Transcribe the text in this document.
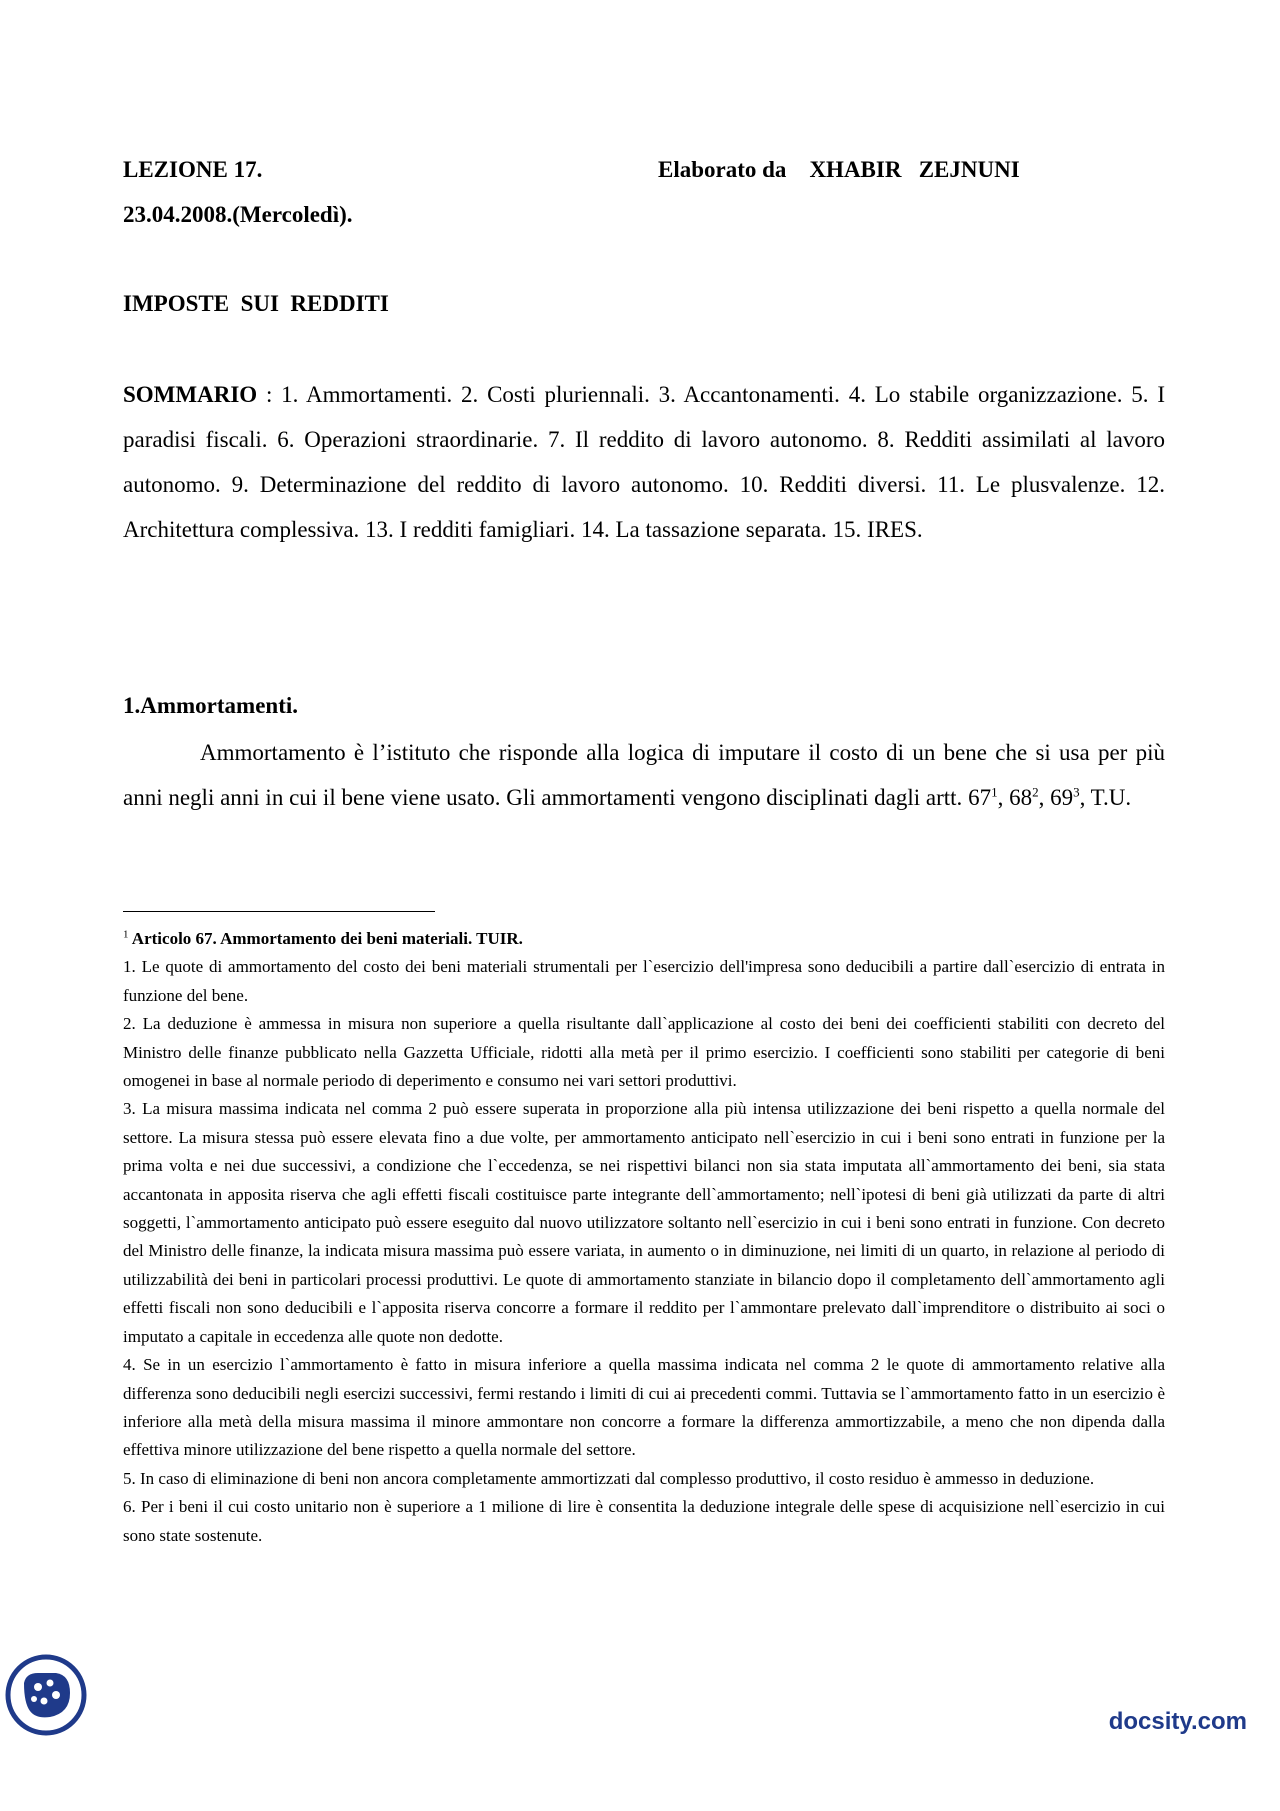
LEZIONE 17.	Elaborato da XHABIR   ZEJNUNI
23.04.2008.(Mercoledì).
IMPOSTE  SUI  REDDITI
SOMMARIO : 1. Ammortamenti. 2. Costi pluriennali. 3. Accantonamenti. 4. Lo stabile organizzazione. 5. I paradisi fiscali. 6. Operazioni straordinarie. 7. Il reddito di lavoro autonomo. 8. Redditi assimilati al lavoro autonomo. 9. Determinazione del reddito di lavoro autonomo. 10. Redditi diversi. 11. Le plusvalenze. 12. Architettura complessiva. 13. I redditi famigliari. 14. La tassazione separata. 15. IRES.
1.Ammortamenti.
Ammortamento è l’istituto che risponde alla logica di imputare il costo di un bene che si usa per più anni negli anni in cui il bene viene usato. Gli ammortamenti vengono disciplinati dagli artt. $67^1$, $68^2$, $69^3$, T.U.

$^1$ Articolo 67. Ammortamento dei beni materiali. TUIR.

1. Le quote di ammortamento del costo dei beni materiali strumentali per l`esercizio dell'impresa sono deducibili a partire dall`esercizio di entrata in funzione del bene.

2. La deduzione è ammessa in misura non superiore a quella risultante dall`applicazione al costo dei beni dei coefficienti stabiliti con decreto del Ministro delle finanze pubblicato nella Gazzetta Ufficiale, ridotti alla metà per il primo esercizio. I coefficienti sono stabiliti per categorie di beni omogenei in base al normale periodo di deperimento e consumo nei vari settori produttivi.

3. La misura massima indicata nel comma 2 può essere superata in proporzione alla più intensa utilizzazione dei beni rispetto a quella normale del settore. La misura stessa può essere elevata fino a due volte, per ammortamento anticipato nell`esercizio in cui i beni sono entrati in funzione per la prima volta e nei due successivi, a condizione che l`eccedenza, se nei rispettivi bilanci non sia stata imputata all`ammortamento dei beni, sia stata accantonata in apposita riserva che agli effetti fiscali costituisce parte integrante dell`ammortamento; nell`ipotesi di beni già utilizzati da parte di altri soggetti, l`ammortamento anticipato può essere eseguito dal nuovo utilizzatore soltanto nell`esercizio in cui i beni sono entrati in funzione. Con decreto del Ministro delle finanze, la indicata misura massima può essere variata, in aumento o in diminuzione, nei limiti di un quarto, in relazione al periodo di utilizzabilità dei beni in particolari processi produttivi. Le quote di ammortamento stanziate in bilancio dopo il completamento dell`ammortamento agli effetti fiscali non sono deducibili e l`apposita riserva concorre a formare il reddito per l`ammontare prelevato dall`imprenditore o distribuito ai soci o imputato a capitale in eccedenza alle quote non dedotte.

4. Se in un esercizio l`ammortamento è fatto in misura inferiore a quella massima indicata nel comma 2 le quote di ammortamento relative alla differenza sono deducibili negli esercizi successivi, fermi restando i limiti di cui ai precedenti commi. Tuttavia se l`ammortamento fatto in un esercizio è inferiore alla metà della misura massima il minore ammontare non concorre a formare la differenza ammortizzabile, a meno che non dipenda dalla effettiva minore utilizzazione del bene rispetto a quella normale del settore.

5. In caso di eliminazione di beni non ancora completamente ammortizzati dal complesso produttivo, il costo residuo è ammesso in deduzione.

6. Per i beni il cui costo unitario non è superiore a 1 milione di lire è consentita la deduzione integrale delle spese di acquisizione nell`esercizio in cui sono state sostenute.

docsity.com
